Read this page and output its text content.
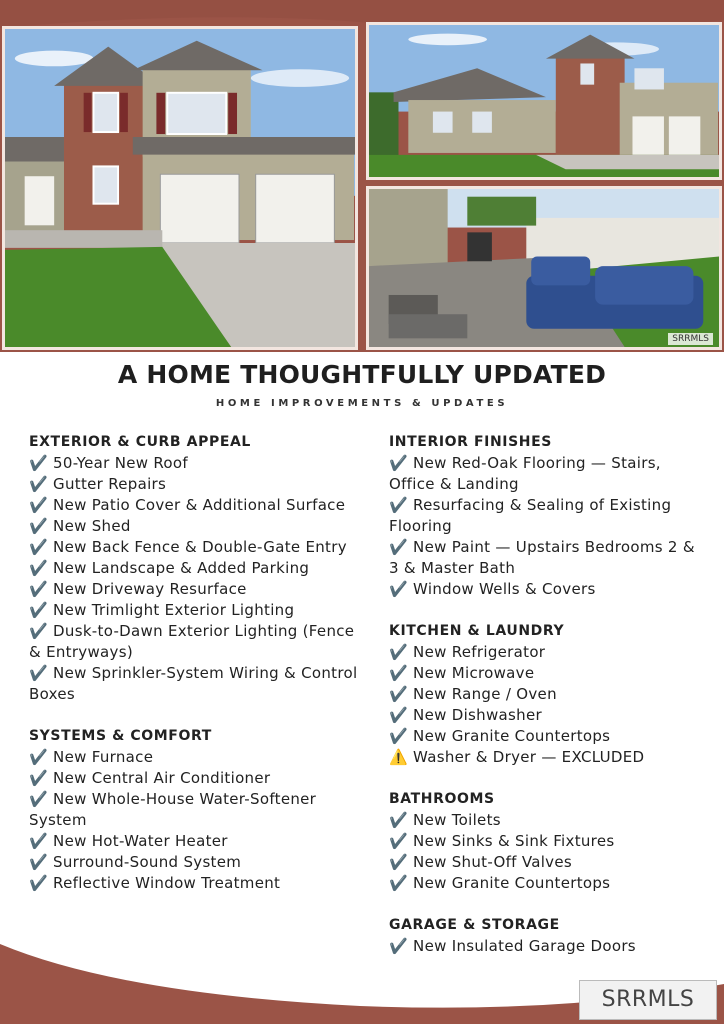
SRRMLS
A HOME THOUGHTFULLY UPDATED
HOME IMPROVEMENTS & UPDATES
EXTERIOR & CURB APPEAL
✔️ 50-Year New Roof
✔️ Gutter Repairs
✔️ New Patio Cover & Additional Surface
✔️ New Shed
✔️ New Back Fence & Double-Gate Entry
✔️ New Landscape & Added Parking
✔️ New Driveway Resurface
✔️ New Trimlight Exterior Lighting
✔️ Dusk-to-Dawn Exterior Lighting (Fence & Entryways)
✔️ New Sprinkler-System Wiring & Control Boxes
SYSTEMS & COMFORT
✔️ New Furnace
✔️ New Central Air Conditioner
✔️ New Whole-House Water-Softener System
✔️ New Hot-Water Heater
✔️ Surround-Sound System
✔️ Reflective Window Treatment
INTERIOR FINISHES
✔️ New Red-Oak Flooring — Stairs, Office & Landing
✔️ Resurfacing & Sealing of Existing Flooring
✔️ New Paint — Upstairs Bedrooms 2 & 3 & Master Bath
✔️ Window Wells & Covers
KITCHEN & LAUNDRY
✔️ New Refrigerator
✔️ New Microwave
✔️ New Range / Oven
✔️ New Dishwasher
✔️ New Granite Countertops
⚠️ Washer & Dryer — EXCLUDED
BATHROOMS
✔️ New Toilets
✔️ New Sinks & Sink Fixtures
✔️ New Shut-Off Valves
✔️ New Granite Countertops
GARAGE & STORAGE
✔️ New Insulated Garage Doors
SRRMLS
